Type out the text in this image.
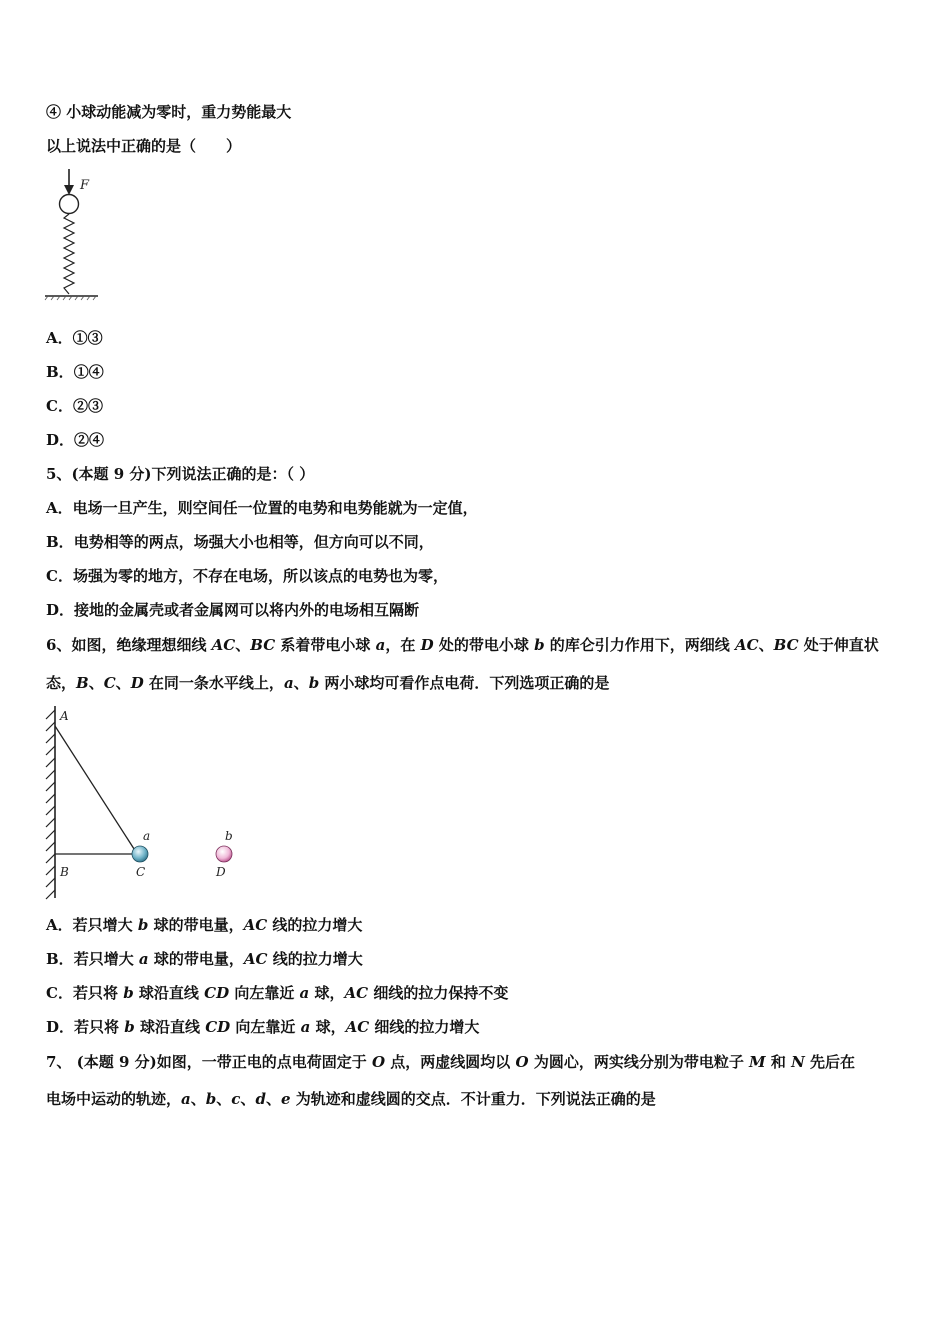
④ 小球动能减为零时，重力势能最大
以上说法中正确的是（　　）
F
A．①③
B．①④
C．②③
D．②④
5、(本题 9 分)下列说法正确的是：（ ）
A．电场一旦产生，则空间任一位置的电势和电势能就为一定值，
B．电势相等的两点，场强大小也相等，但方向可以不同，
C．场强为零的地方，不存在电场，所以该点的电势也为零，
D．接地的金属壳或者金属网可以将内外的电场相互隔断
6、如图，绝缘理想细线 AC、BC 系着带电小球 a，在 D 处的带电小球 b 的库仑引力作用下，两细线 AC、BC 处于伸直状
态，B、C、D 在同一条水平线上，a、b 两小球均可看作点电荷．下列选项正确的是
A
B	C	D
a	b
A．若只增大 b 球的带电量，AC 线的拉力增大
B．若只增大 a 球的带电量，AC 线的拉力增大
C．若只将 b 球沿直线 CD 向左靠近 a 球，AC 细线的拉力保持不变
D．若只将 b 球沿直线 CD 向左靠近 a 球，AC 细线的拉力增大
7、 (本题 9 分)如图，一带正电的点电荷固定于 O 点，两虚线圆均以 O 为圆心，两实线分别为带电粒子 M 和 N 先后在
电场中运动的轨迹，a、b、c、d、e 为轨迹和虚线圆的交点．不计重力．下列说法正确的是
